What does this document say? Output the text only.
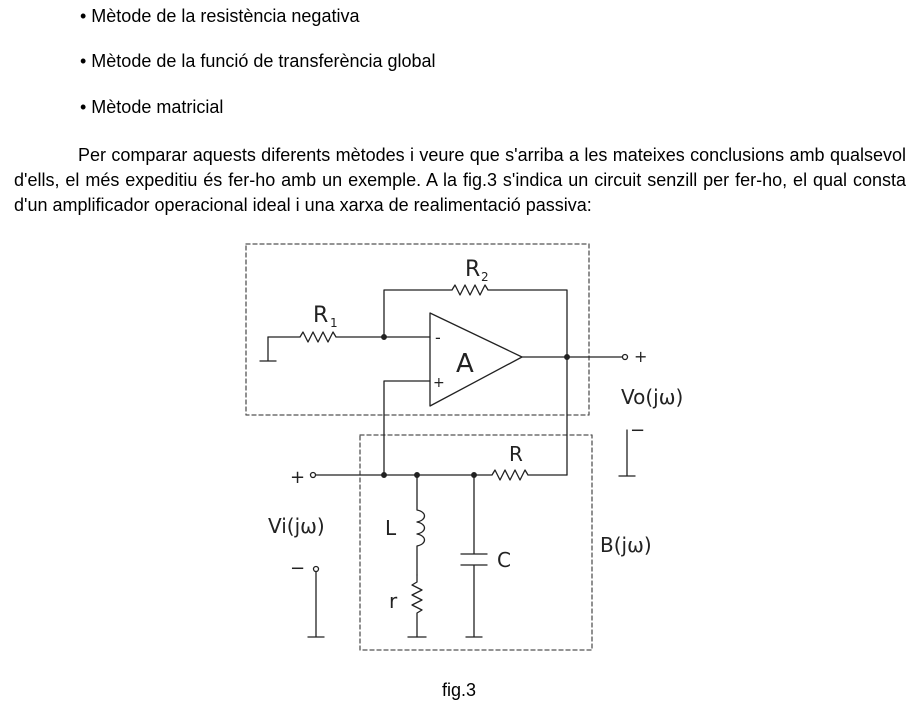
• Mètode de la resistència negativa
• Mètode de la funció de transferència global
• Mètode matricial
Per comparar aquests diferents mètodes i veure que s'arriba a les mateixes conclusions amb qualsevol d'ells, el més expeditiu és fer-ho amb un exemple. A la fig.3 s'indica un circuit senzill per fer-ho, el qual consta d'un amplificador operacional ideal i una xarxa de realimentació passiva:
R 2
R 1
A
-
+
+
Vo(jω)
−
R
+
Vi(jω)
−
L
C
r
B(jω)
fig.3
